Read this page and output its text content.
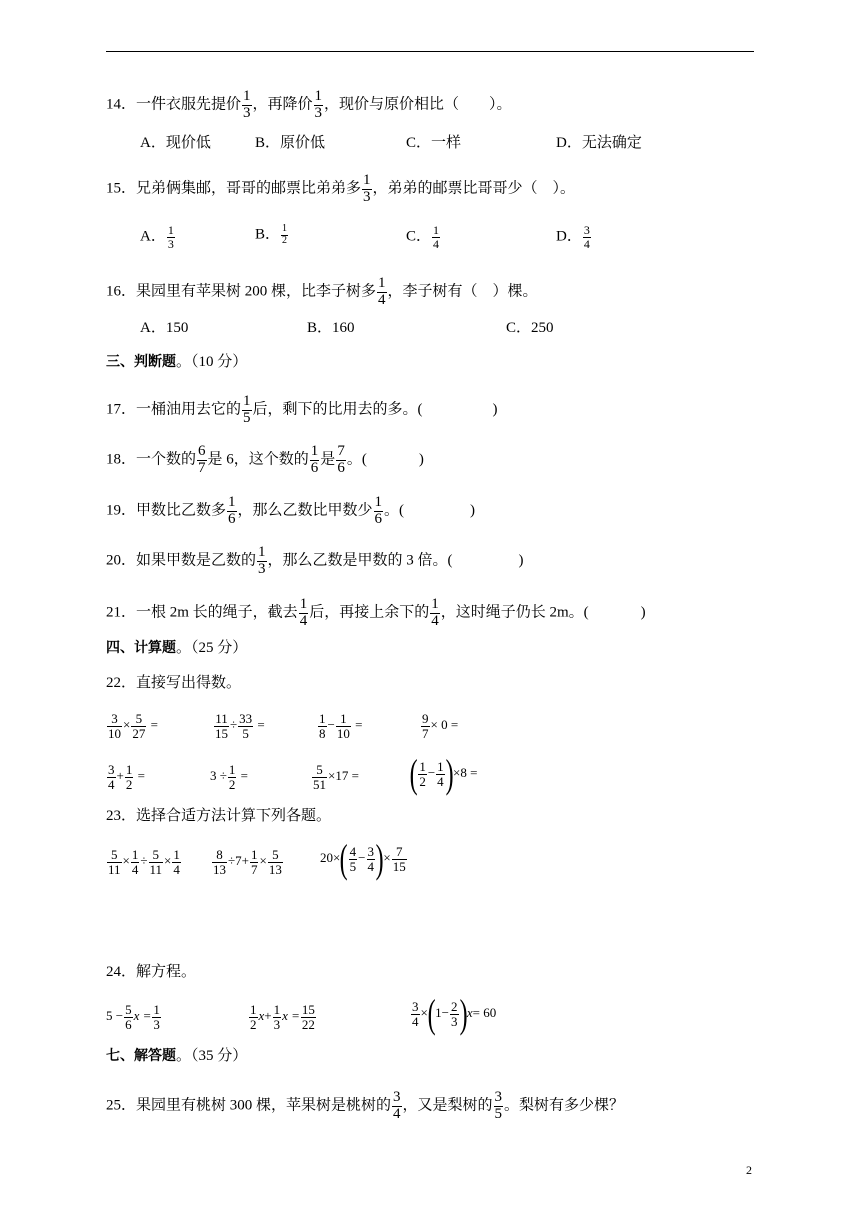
14．一件衣服先提价 $\frac{1}{3}$ ，再降价 $\frac{1}{3}$ ，现价与原价相比（　　）。
A．现价低	B．原价低	C．一样	D．无法确定
15．兄弟俩集邮，哥哥的邮票比弟弟多 $\frac{1}{3}$ ，弟弟的邮票比哥哥少（　）。
A． $\frac{1}{3}$	B． $\frac{1}{2}$	C． $\frac{1}{4}$	D． $\frac{3}{4}$
16．果园里有苹果树 200 棵，比李子树多 $\frac{1}{4}$ ，李子树有（　）棵。
A．150	B．160	C．250
三、判断题。（10 分）
17．一桶油用去它的 $\frac{1}{5}$ 后，剩下的比用去的多。(	)
18．一个数的 $\frac{6}{7}$ 是 6，这个数的 $\frac{1}{6}$ 是 $\frac{7}{6}$ 。(	)
19．甲数比乙数多 $\frac{1}{6}$ ，那么乙数比甲数少 $\frac{1}{6}$ 。(	)
20．如果甲数是乙数的 $\frac{1}{3}$ ，那么乙数是甲数的 3 倍。(	)
21．一根 2m 长的绳子，截去 $\frac{1}{4}$ 后，再接上余下的 $\frac{1}{4}$ ，这时绳子仍长 2m。(	)
四、计算题。（25 分）
22．直接写出得数。
$\frac{3}{10} \times \frac{5}{27}$ =	$\frac{11}{15} \div \frac{33}{5}$ =	$\frac{1}{8} - \frac{1}{10}$ =	$\frac{9}{7} \times 0$ =
$\frac{3}{4} + \frac{1}{2}$ =	$3 \div \frac{1}{2}$ =	$\frac{5}{51} \times 17$ = ( $\frac{1}{2} - \frac{1}{4} )\times 8$ =
23．选择合适方法计算下列各题。
$\frac{5}{11} \times \frac{1}{4} \div \frac{5}{11} \times \frac{1}{4} \frac{8}{13} \div 7+ \frac{1}{7} \times \frac{5}{13}$	$20\times( \frac{4}{5} - \frac{3}{4}$ )× $\frac{7}{15}$
24．解方程。
$5 - \frac{5}{6}$ $x = \frac{1}{3}$	$\frac{1}{2} x+ \frac{1}{3}$ $x = \frac{15}{22}$	$\frac{3}{4} \times(1- \frac{2}{3} )x= 60$
七、解答题。（35 分）
25．果园里有桃树 300 棵，苹果树是桃树的 $\frac{3}{4}$ ，又是梨树的 $\frac{3}{5}$ 。梨树有多少棵？
2
